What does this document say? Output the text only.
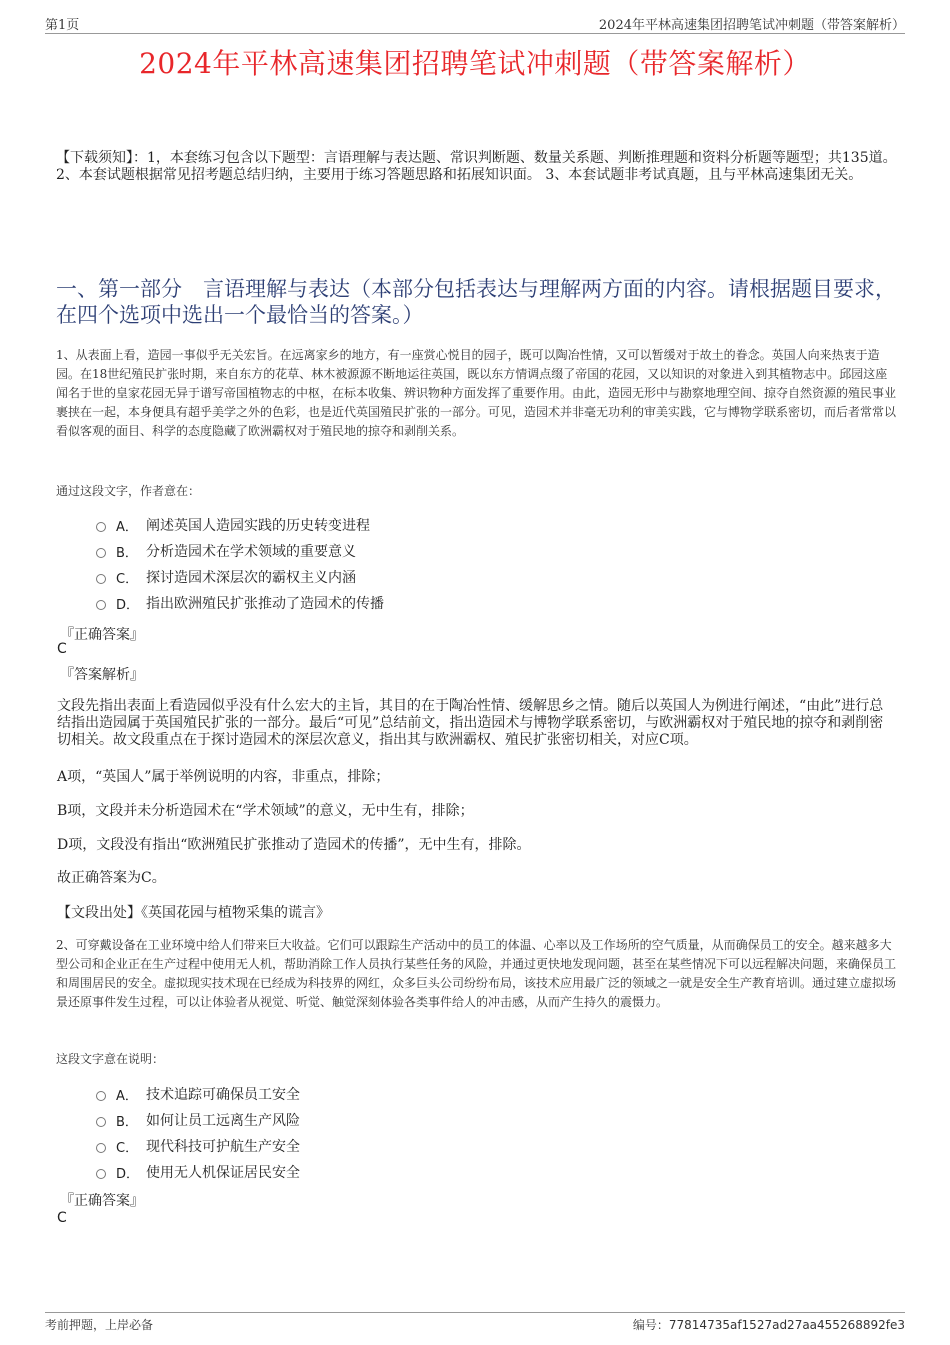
第1页	2024年平林高速集团招聘笔试冲刺题（带答案解析）
2024年平林高速集团招聘笔试冲刺题（带答案解析）
【下载须知】：1，本套练习包含以下题型：言语理解与表达题、常识判断题、数量关系题、判断推理题和资料分析题等题型；共135道。 2、本套试题根据常见招考题总结归纳，主要用于练习答题思路和拓展知识面。 3、本套试题非考试真题，且与平林高速集团无关。
一、第一部分　言语理解与表达（本部分包括表达与理解两方面的内容。请根据题目要求，在四个选项中选出一个最恰当的答案。）
1、从表面上看，造园一事似乎无关宏旨。在远离家乡的地方，有一座赏心悦目的园子，既可以陶冶性情，又可以暂缓对于故土的眷念。英国人向来热衷于造园。在18世纪殖民扩张时期，来自东方的花草、林木被源源不断地运往英国，既以东方情调点缀了帝国的花园，又以知识的对象进入到其植物志中。邱园这座闻名于世的皇家花园无异于谱写帝国植物志的中枢，在标本收集、辨识物种方面发挥了重要作用。由此，造园无形中与勘察地理空间、掠夺自然资源的殖民事业裹挟在一起，本身便具有超乎美学之外的色彩，也是近代英国殖民扩张的一部分。可见，造园术并非毫无功利的审美实践，它与博物学联系密切，而后者常常以看似客观的面目、科学的态度隐藏了欧洲霸权对于殖民地的掠夺和剥削关系。
通过这段文字，作者意在：
A． 阐述英国人造园实践的历史转变进程
B． 分析造园术在学术领域的重要意义
C． 探讨造园术深层次的霸权主义内涵
D． 指出欧洲殖民扩张推动了造园术的传播
『正确答案』
C
『答案解析』
文段先指出表面上看造园似乎没有什么宏大的主旨，其目的在于陶冶性情、缓解思乡之情。随后以英国人为例进行阐述，“由此”进行总结指出造园属于英国殖民扩张的一部分。最后“可见”总结前文，指出造园术与博物学联系密切，与欧洲霸权对于殖民地的掠夺和剥削密切相关。故文段重点在于探讨造园术的深层次意义，指出其与欧洲霸权、殖民扩张密切相关，对应C项。
A项，“英国人”属于举例说明的内容，非重点，排除；
B项，文段并未分析造园术在“学术领域”的意义，无中生有，排除；
D项，文段没有指出“欧洲殖民扩张推动了造园术的传播”，无中生有，排除。
故正确答案为C。
【文段出处】《英国花园与植物采集的谎言》
2、可穿戴设备在工业环境中给人们带来巨大收益。它们可以跟踪生产活动中的员工的体温、心率以及工作场所的空气质量，从而确保员工的安全。越来越多大型公司和企业正在生产过程中使用无人机，帮助消除工作人员执行某些任务的风险，并通过更快地发现问题，甚至在某些情况下可以远程解决问题，来确保员工和周围居民的安全。虚拟现实技术现在已经成为科技界的网红，众多巨头公司纷纷布局，该技术应用最广泛的领域之一就是安全生产教育培训。通过建立虚拟场景还原事件发生过程，可以让体验者从视觉、听觉、触觉深刻体验各类事件给人的冲击感，从而产生持久的震慑力。
这段文字意在说明：
A． 技术追踪可确保员工安全
B． 如何让员工远离生产风险
C． 现代科技可护航生产安全
D． 使用无人机保证居民安全
『正确答案』
C
考前押题，上岸必备	编号：77814735af1527ad27aa455268892fe3
